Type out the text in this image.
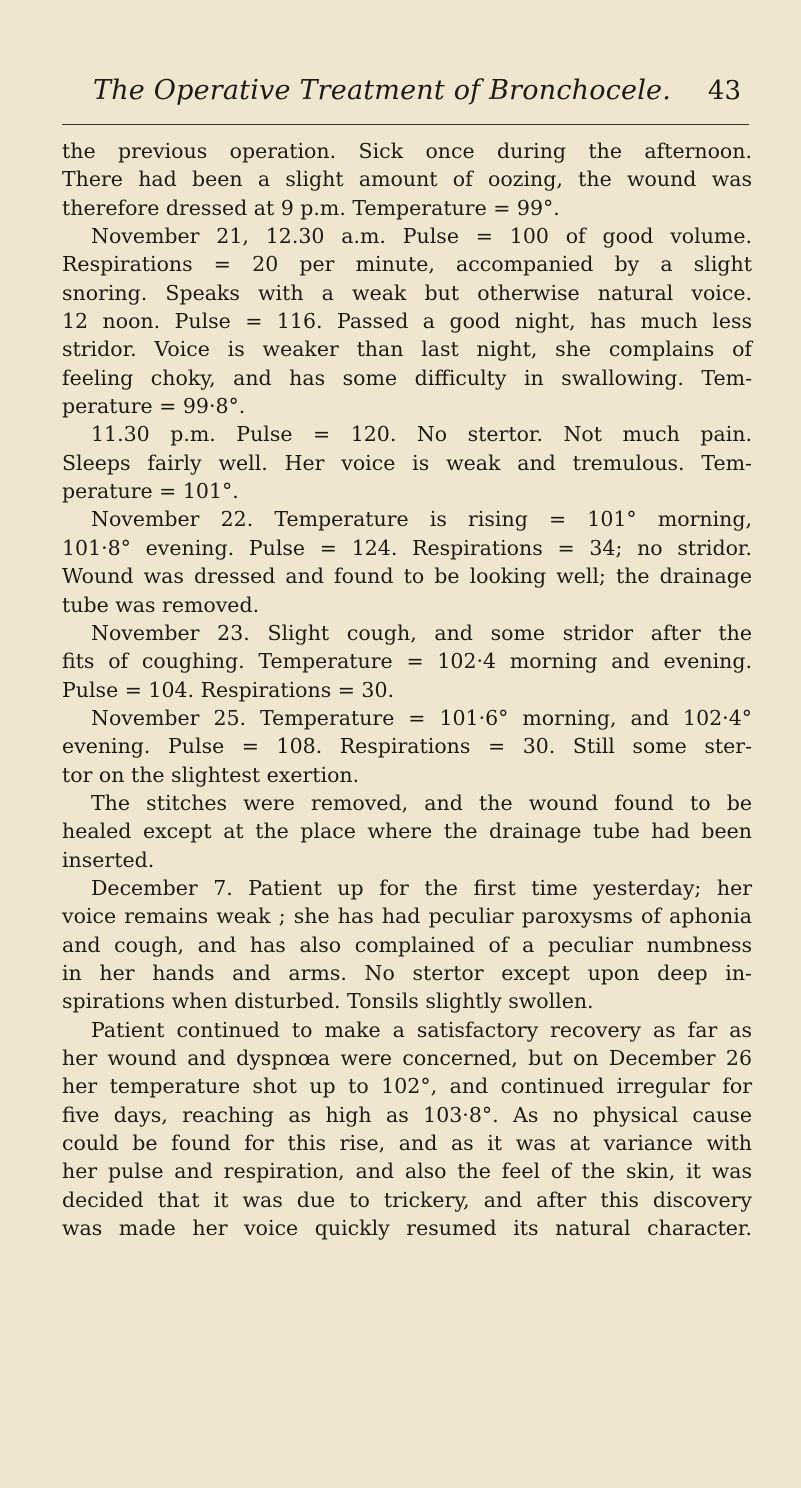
The Operative Treatment of Bronchocele. 43
the previous operation. Sick once during the afternoon.
There had been a slight amount of oozing, the wound was
therefore dressed at 9 p.m. Temperature = 99°.
November 21, 12.30 a.m. Pulse = 100 of good volume.
Respirations = 20 per minute, accompanied by a slight
snoring. Speaks with a weak but otherwise natural voice.
12 noon. Pulse = 116. Passed a good night, has much less
stridor. Voice is weaker than last night, she complains of
feeling choky, and has some difficulty in swallowing. Tem-
perature = 99·8°.
11.30 p.m. Pulse = 120. No stertor. Not much pain.
Sleeps fairly well. Her voice is weak and tremulous. Tem-
perature = 101°.
November 22. Temperature is rising = 101° morning,
101·8° evening. Pulse = 124. Respirations = 34; no stridor.
Wound was dressed and found to be looking well; the drainage
tube was removed.
November 23. Slight cough, and some stridor after the
fits of coughing. Temperature = 102·4 morning and evening.
Pulse = 104. Respirations = 30.
November 25. Temperature = 101·6° morning, and 102·4°
evening. Pulse = 108. Respirations = 30. Still some ster-
tor on the slightest exertion.
The stitches were removed, and the wound found to be
healed except at the place where the drainage tube had been
inserted.
December 7. Patient up for the first time yesterday; her
voice remains weak ; she has had peculiar paroxysms of aphonia
and cough, and has also complained of a peculiar numbness
in her hands and arms. No stertor except upon deep in-
spirations when disturbed. Tonsils slightly swollen.
Patient continued to make a satisfactory recovery as far as
her wound and dyspnœa were concerned, but on December 26
her temperature shot up to 102°, and continued irregular for
five days, reaching as high as 103·8°. As no physical cause
could be found for this rise, and as it was at variance with
her pulse and respiration, and also the feel of the skin, it was
decided that it was due to trickery, and after this discovery
was made her voice quickly resumed its natural character.
